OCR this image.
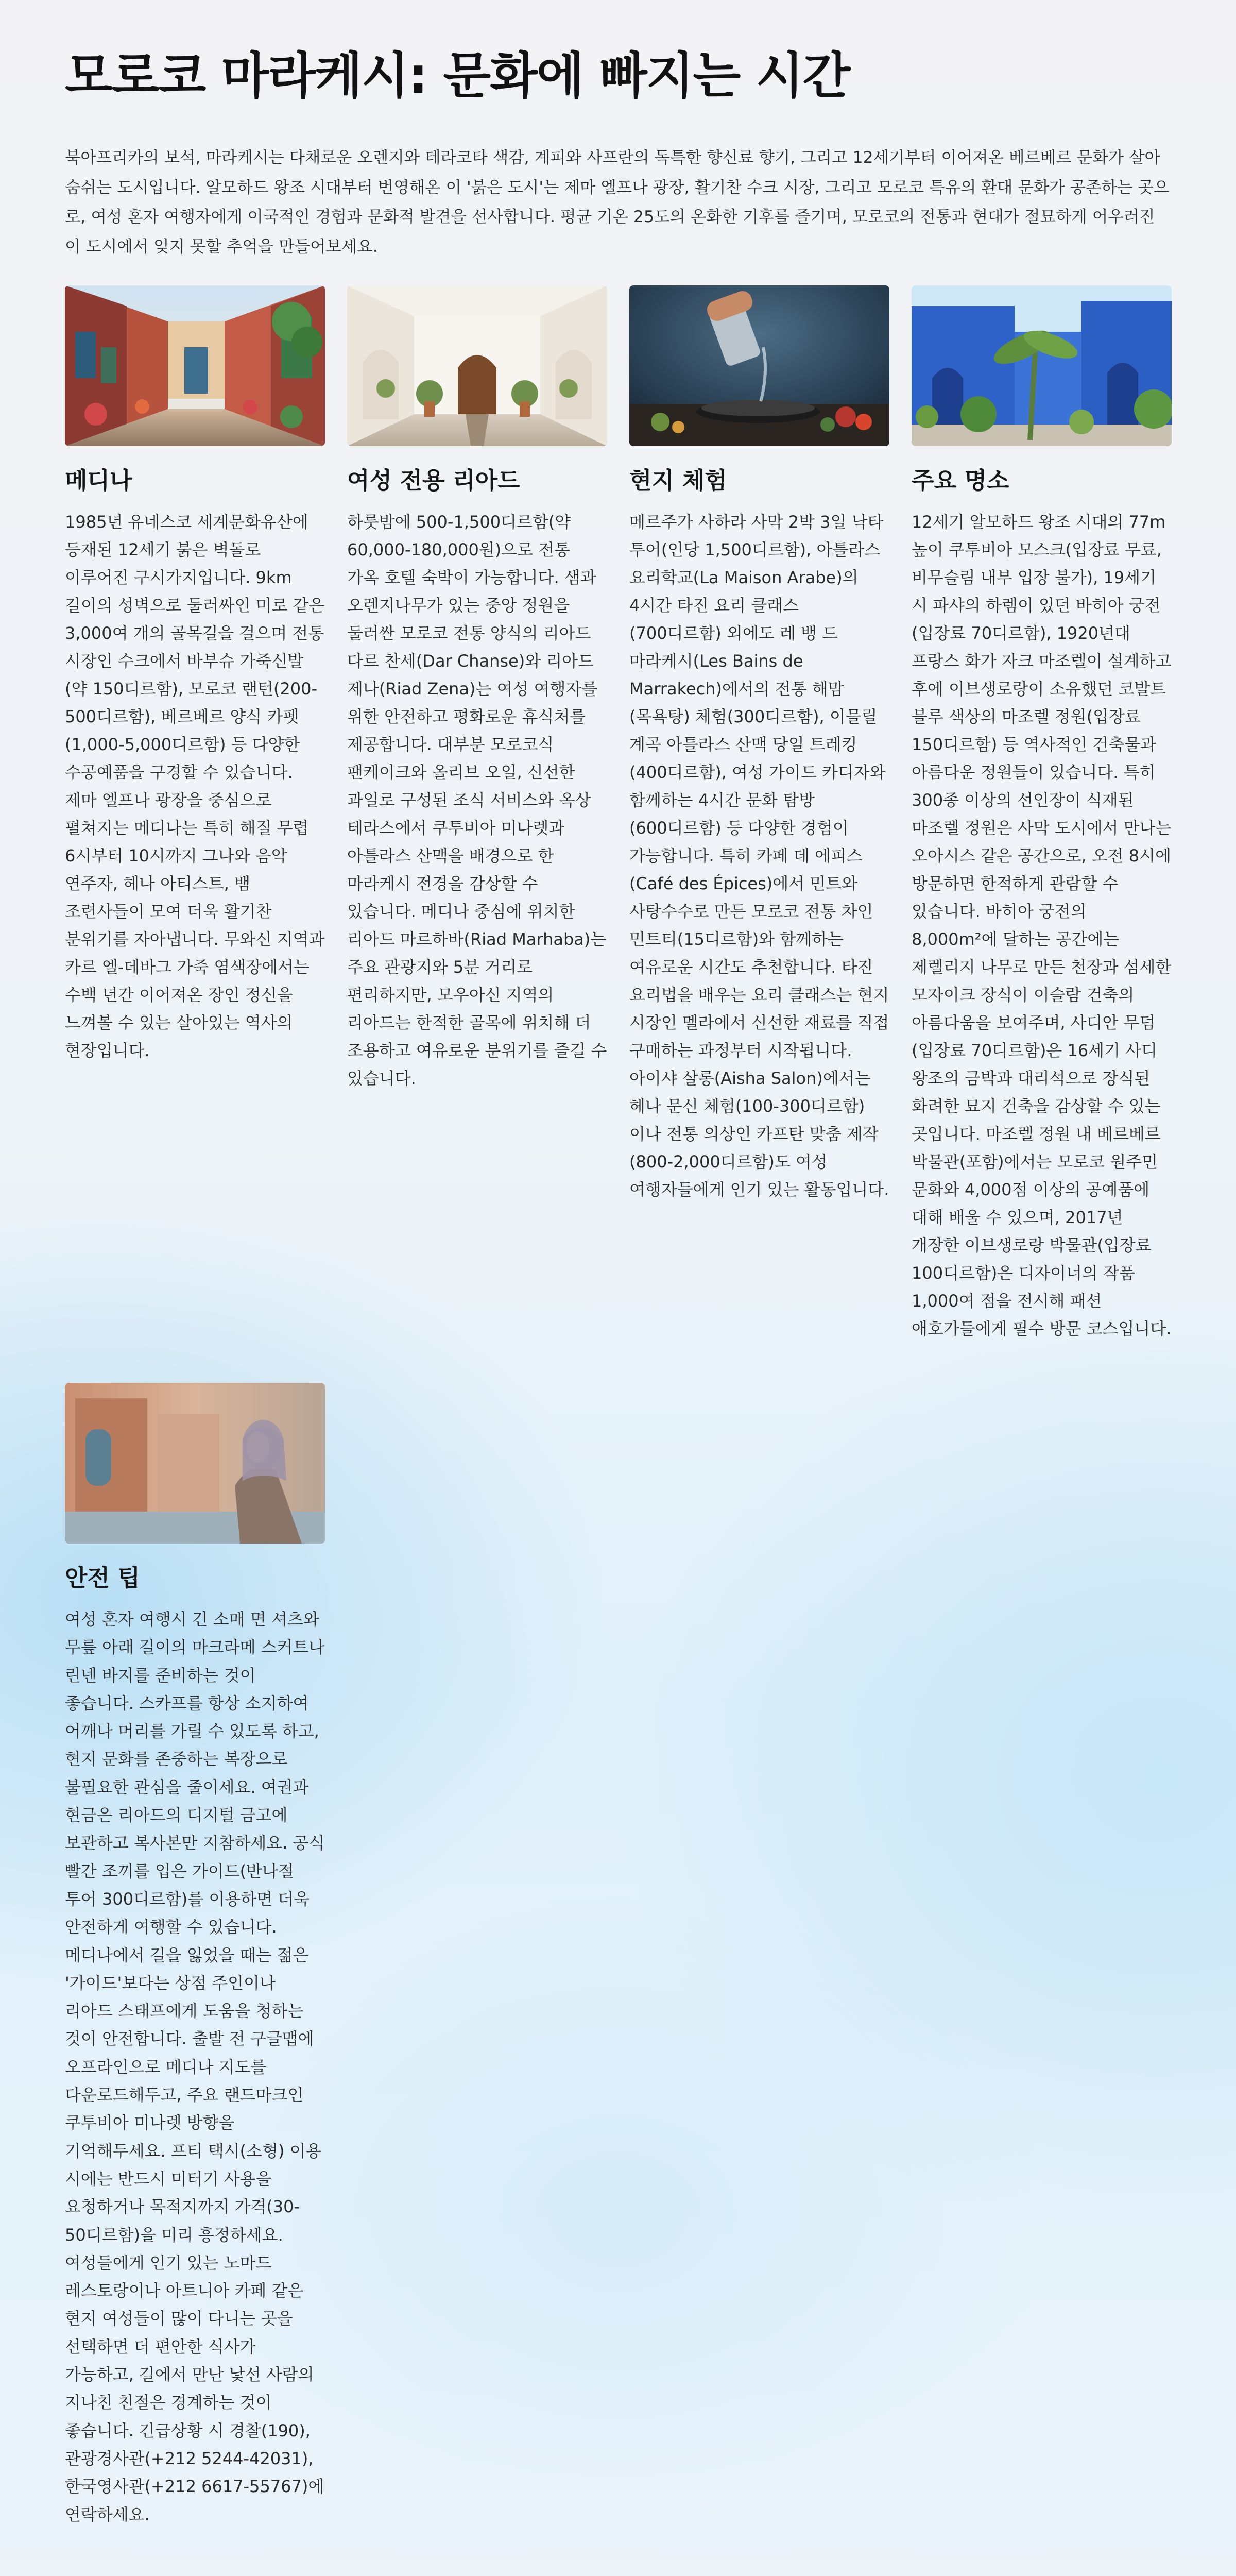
모로코 마라케시: 문화에 빠지는 시간

북아프리카의 보석, 마라케시는 다채로운 오렌지와 테라코타 색감, 계피와 사프란의 독특한 향신료 향기, 그리고 12세기부터 이어져온 베르베르 문화가 살아 숨쉬는 도시입니다. 알모하드 왕조 시대부터 번영해온 이 '붉은 도시'는 제마 엘프나 광장, 활기찬 수크 시장, 그리고 모로코 특유의 환대 문화가 공존하는 곳으로, 여성 혼자 여행자에게 이국적인 경험과 문화적 발견을 선사합니다. 평균 기온 25도의 온화한 기후를 즐기며, 모로코의 전통과 현대가 절묘하게 어우러진 이 도시에서 잊지 못할 추억을 만들어보세요.

메디나

1985년 유네스코 세계문화유산에 등재된 12세기 붉은 벽돌로 이루어진 구시가지입니다. 9km 길이의 성벽으로 둘러싸인 미로 같은 3,000여 개의 골목길을 걸으며 전통 시장인 수크에서 바부슈 가죽신발(약 150디르함), 모로코 랜턴(200-500디르함), 베르베르 양식 카펫(1,000-5,000디르함) 등 다양한 수공예품을 구경할 수 있습니다. 제마 엘프나 광장을 중심으로 펼쳐지는 메디나는 특히 해질 무렵 6시부터 10시까지 그나와 음악 연주자, 헤나 아티스트, 뱀 조련사들이 모여 더욱 활기찬 분위기를 자아냅니다. 무와신 지역과 카르 엘-데바그 가죽 염색장에서는 수백 년간 이어져온 장인 정신을 느껴볼 수 있는 살아있는 역사의 현장입니다.

여성 전용 리아드

하룻밤에 500-1,500디르함(약 60,000-180,000원)으로 전통 가옥 호텔 숙박이 가능합니다. 샘과 오렌지나무가 있는 중앙 정원을 둘러싼 모로코 전통 양식의 리아드 다르 찬세(Dar Chanse)와 리아드 제나(Riad Zena)는 여성 여행자를 위한 안전하고 평화로운 휴식처를 제공합니다. 대부분 모로코식 팬케이크와 올리브 오일, 신선한 과일로 구성된 조식 서비스와 옥상 테라스에서 쿠투비아 미나렛과 아틀라스 산맥을 배경으로 한 마라케시 전경을 감상할 수 있습니다. 메디나 중심에 위치한 리아드 마르하바(Riad Marhaba)는 주요 관광지와 5분 거리로 편리하지만, 모우아신 지역의 리아드는 한적한 골목에 위치해 더 조용하고 여유로운 분위기를 즐길 수 있습니다.

현지 체험

메르주가 사하라 사막 2박 3일 낙타 투어(인당 1,500디르함), 아틀라스 요리학교(La Maison Arabe)의 4시간 타진 요리 클래스(700디르함) 외에도 레 뱅 드 마라케시(Les Bains de Marrakech)에서의 전통 해맘(목욕탕) 체험(300디르함), 이믈릴 계곡 아틀라스 산맥 당일 트레킹(400디르함), 여성 가이드 카디자와 함께하는 4시간 문화 탐방(600디르함) 등 다양한 경험이 가능합니다. 특히 카페 데 에피스(Café des Épices)에서 민트와 사탕수수로 만든 모로코 전통 차인 민트티(15디르함)와 함께하는 여유로운 시간도 추천합니다. 타진 요리법을 배우는 요리 클래스는 현지 시장인 멜라에서 신선한 재료를 직접 구매하는 과정부터 시작됩니다. 아이샤 살롱(Aisha Salon)에서는 헤나 문신 체험(100-300디르함)이나 전통 의상인 카프탄 맞춤 제작(800-2,000디르함)도 여성 여행자들에게 인기 있는 활동입니다.

주요 명소

12세기 알모하드 왕조 시대의 77m 높이 쿠투비아 모스크(입장료 무료, 비무슬림 내부 입장 불가), 19세기 시 파샤의 하렘이 있던 바히아 궁전(입장료 70디르함), 1920년대 프랑스 화가 자크 마조렐이 설계하고 후에 이브생로랑이 소유했던 코발트 블루 색상의 마조렐 정원(입장료 150디르함) 등 역사적인 건축물과 아름다운 정원들이 있습니다. 특히 300종 이상의 선인장이 식재된 마조렐 정원은 사막 도시에서 만나는 오아시스 같은 공간으로, 오전 8시에 방문하면 한적하게 관람할 수 있습니다. 바히아 궁전의 8,000m²에 달하는 공간에는 제렐리지 나무로 만든 천장과 섬세한 모자이크 장식이 이슬람 건축의 아름다움을 보여주며, 사디안 무덤(입장료 70디르함)은 16세기 사디 왕조의 금박과 대리석으로 장식된 화려한 묘지 건축을 감상할 수 있는 곳입니다. 마조렐 정원 내 베르베르 박물관(포함)에서는 모로코 원주민 문화와 4,000점 이상의 공예품에 대해 배울 수 있으며, 2017년 개장한 이브생로랑 박물관(입장료 100디르함)은 디자이너의 작품 1,000여 점을 전시해 패션 애호가들에게 필수 방문 코스입니다.

안전 팁

여성 혼자 여행시 긴 소매 면 셔츠와 무릎 아래 길이의 마크라메 스커트나 린넨 바지를 준비하는 것이 좋습니다. 스카프를 항상 소지하여 어깨나 머리를 가릴 수 있도록 하고, 현지 문화를 존중하는 복장으로 불필요한 관심을 줄이세요. 여권과 현금은 리아드의 디지털 금고에 보관하고 복사본만 지참하세요. 공식 빨간 조끼를 입은 가이드(반나절 투어 300디르함)를 이용하면 더욱 안전하게 여행할 수 있습니다. 메디나에서 길을 잃었을 때는 젊은 '가이드'보다는 상점 주인이나 리아드 스태프에게 도움을 청하는 것이 안전합니다. 출발 전 구글맵에 오프라인으로 메디나 지도를 다운로드해두고, 주요 랜드마크인 쿠투비아 미나렛 방향을 기억해두세요. 프티 택시(소형) 이용 시에는 반드시 미터기 사용을 요청하거나 목적지까지 가격(30-50디르함)을 미리 흥정하세요. 여성들에게 인기 있는 노마드 레스토랑이나 아트니아 카페 같은 현지 여성들이 많이 다니는 곳을 선택하면 더 편안한 식사가 가능하고, 길에서 만난 낯선 사람의 지나친 친절은 경계하는 것이 좋습니다. 긴급상황 시 경찰(190), 관광경사관(+212 5244-42031), 한국영사관(+212 6617-55767)에 연락하세요.
